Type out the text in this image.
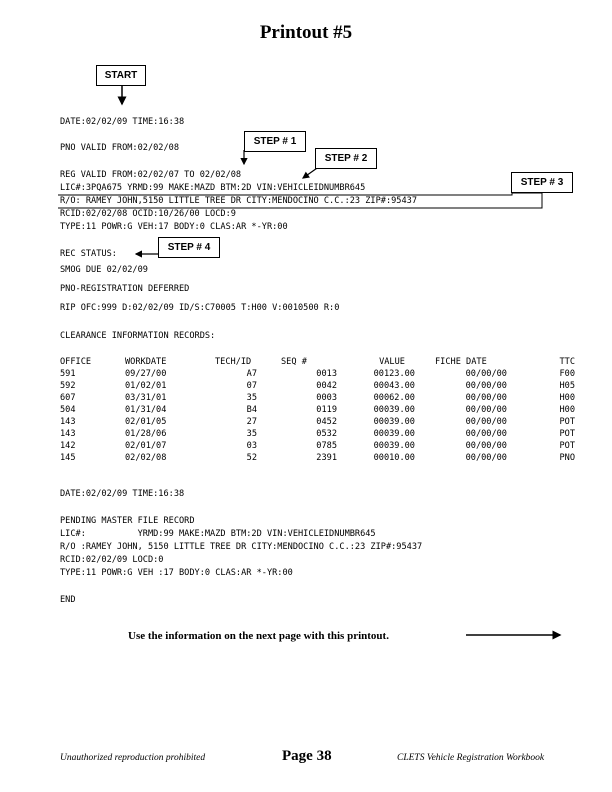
Printout #5
START
STEP # 1
STEP # 2
STEP # 3
STEP # 4
DATE:02/02/09 TIME:16:38
PNO VALID FROM:02/02/08
REG VALID FROM:02/02/07 TO 02/02/08
LIC#:3PQA675 YRMD:99 MAKE:MAZD BTM:2D VIN:VEHICLEIDNUMBR645
R/O: RAMEY JOHN,5150 LITTLE TREE DR CITY:MENDOCINO C.C.:23 ZIP#:95437
RCID:02/02/08 OCID:10/26/00 LOCD:9
TYPE:11 POWR:G VEH:17 BODY:0 CLAS:AR *-YR:00
REC STATUS:
SMOG DUE 02/02/09
PNO-REGISTRATION DEFERRED
RIP OFC:999 D:02/02/09 ID/S:C70005 T:H00 V:0010500 R:0
CLEARANCE INFORMATION RECORDS:
OFFICE	WORKDATE	TECH/ID	SEQ #	VALUE	FICHE DATE	TTC
591	09/27/00	A7	0013	00123.00	00/00/00	F00
592	01/02/01	07	0042	00043.00	00/00/00	H05
607	03/31/01	35	0003	00062.00	00/00/00	H00
504	01/31/04	B4	0119	00039.00	00/00/00	H00
143	02/01/05	27	0452	00039.00	00/00/00	POT
143	01/28/06	35	0532	00039.00	00/00/00	POT
142	02/01/07	03	0785	00039.00	00/00/00	POT
145	02/02/08	52	2391	00010.00	00/00/00	PNO
DATE:02/02/09 TIME:16:38
PENDING MASTER FILE RECORD
LIC#:          YRMD:99 MAKE:MAZD BTM:2D VIN:VEHICLEIDNUMBR645
R/O :RAMEY JOHN, 5150 LITTLE TREE DR CITY:MENDOCINO C.C.:23 ZIP#:95437
RCID:02/02/09 LOCD:0
TYPE:11 POWR:G VEH :17 BODY:0 CLAS:AR *-YR:00
END
Use the information on the next page with this printout.
Unauthorized reproduction prohibited	Page 38	CLETS Vehicle Registration Workbook
